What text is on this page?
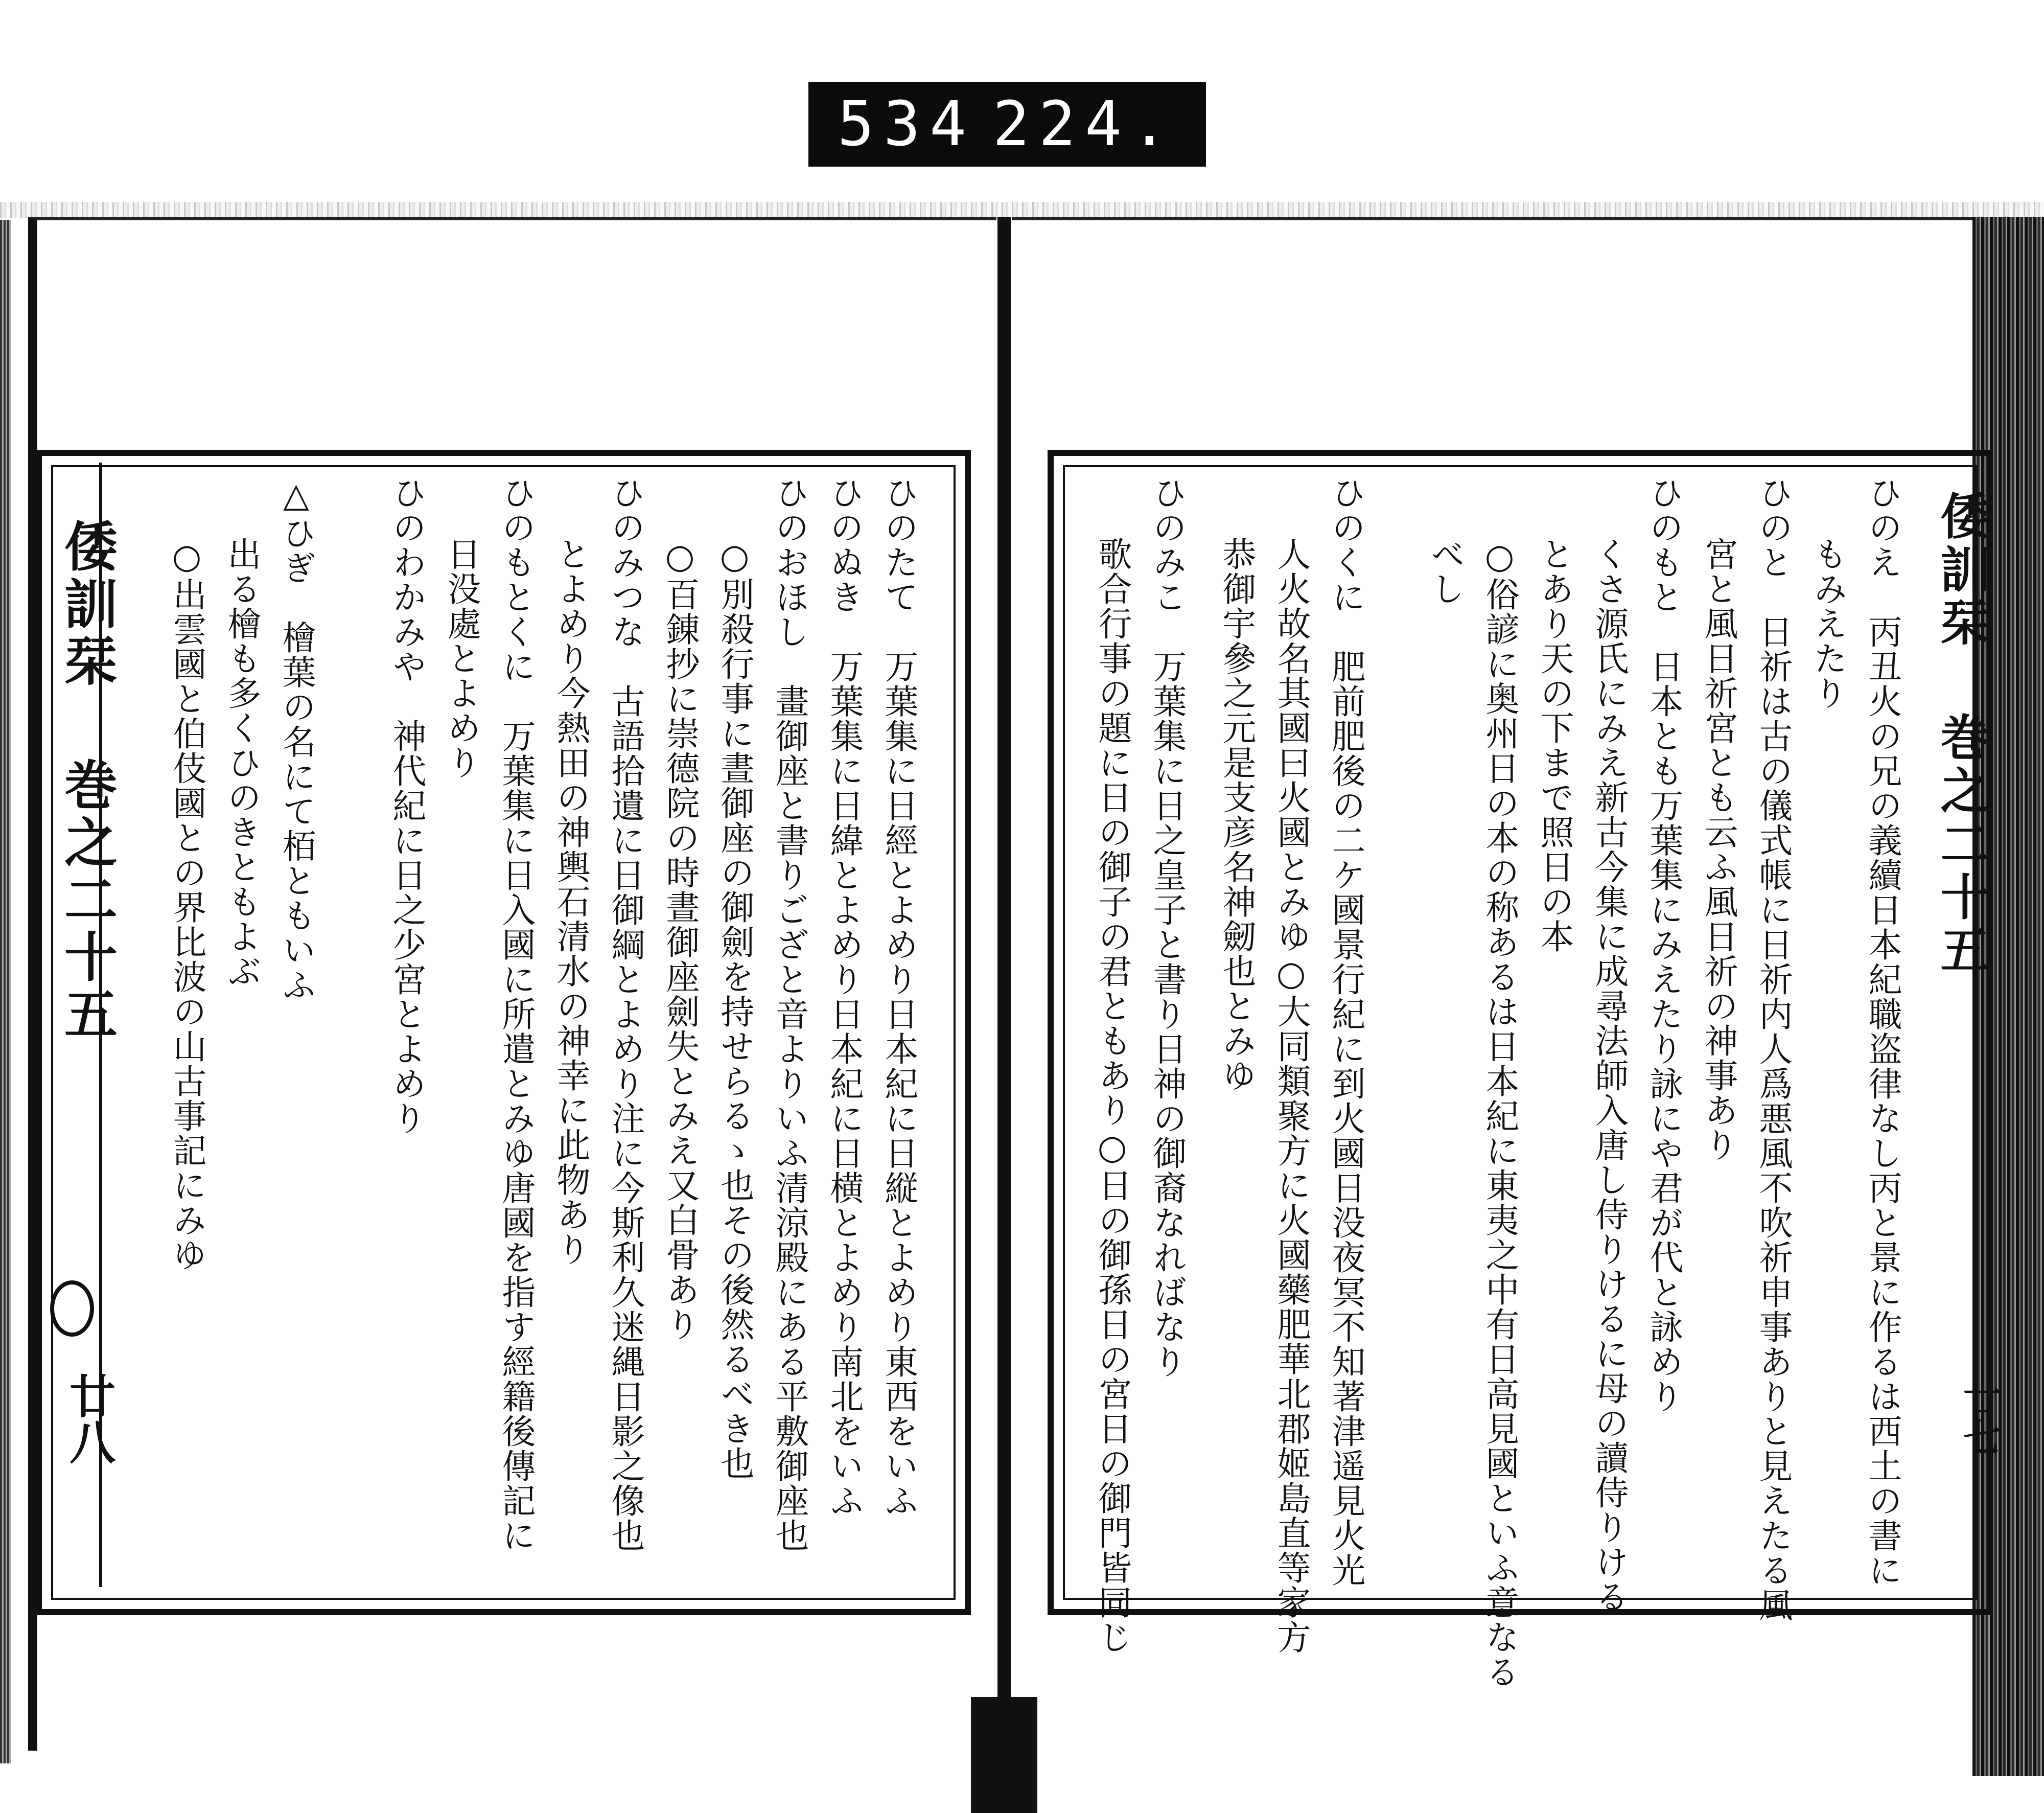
534 224.
倭訓栞 巻之二十五
廿八
倭訓栞 巻之二十五
廿七
ひのたて　万葉集に日經とよめり日本紀に日縦とよめり東西をいふ
ひのぬき　万葉集に日緯とよめり日本紀に日横とよめり南北をいふ
ひのおほし　畫御座と書りござと音よりいふ清涼殿にある平敷御座也
○別殺行事に晝御座の御劍を持せらるゝ也その後然るべき也
○百錬抄に崇德院の時晝御座劍失とみえ又白骨あり
ひのみつな　古語拾遺に日御綱とよめり注に今斯利久迷縄日影之像也
とよめり今熱田の神輿石清水の神幸に此物あり
ひのもとくに　万葉集に日入國に所遣とみゆ唐國を指す經籍後傳記に
日没處とよめり
ひのわかみや　神代紀に日之少宮とよめり
△ひぎ　檜葉の名にて栢ともいふ
出る檜も多くひのきともよぶ
○出雲國と伯伎國との界比波の山古事記にみゆ	ひのえ　丙丑火の兄の義續日本紀職盗律なし丙と景に作るは西土の書に
もみえたり
ひのと　日祈は古の儀式帳に日祈内人爲悪風不吹祈申事ありと見えたる風
宮と風日祈宮とも云ふ風日祈の神事あり
ひのもと　日本とも万葉集にみえたり詠にや君が代と詠めり
くさ源氏にみえ新古今集に成尋法師入唐し侍りけるに母の讀侍りける
とあり天の下まで照日の本
○俗諺に奥州日の本の称あるは日本紀に東夷之中有日高見國といふ意なる
べし
ひのくに　肥前肥後の二ケ國景行紀に到火國日没夜冥不知著津遥見火光
人火故名其國曰火國とみゆ○大同類聚方に火國藥肥華北郡姬島直等家方
恭御宇參之元是支彦名神劒也とみゆ
ひのみこ　万葉集に日之皇子と書り日神の御裔なればなり
歌合行事の題に日の御子の君ともあり○日の御孫日の宮日の御門皆同じ
